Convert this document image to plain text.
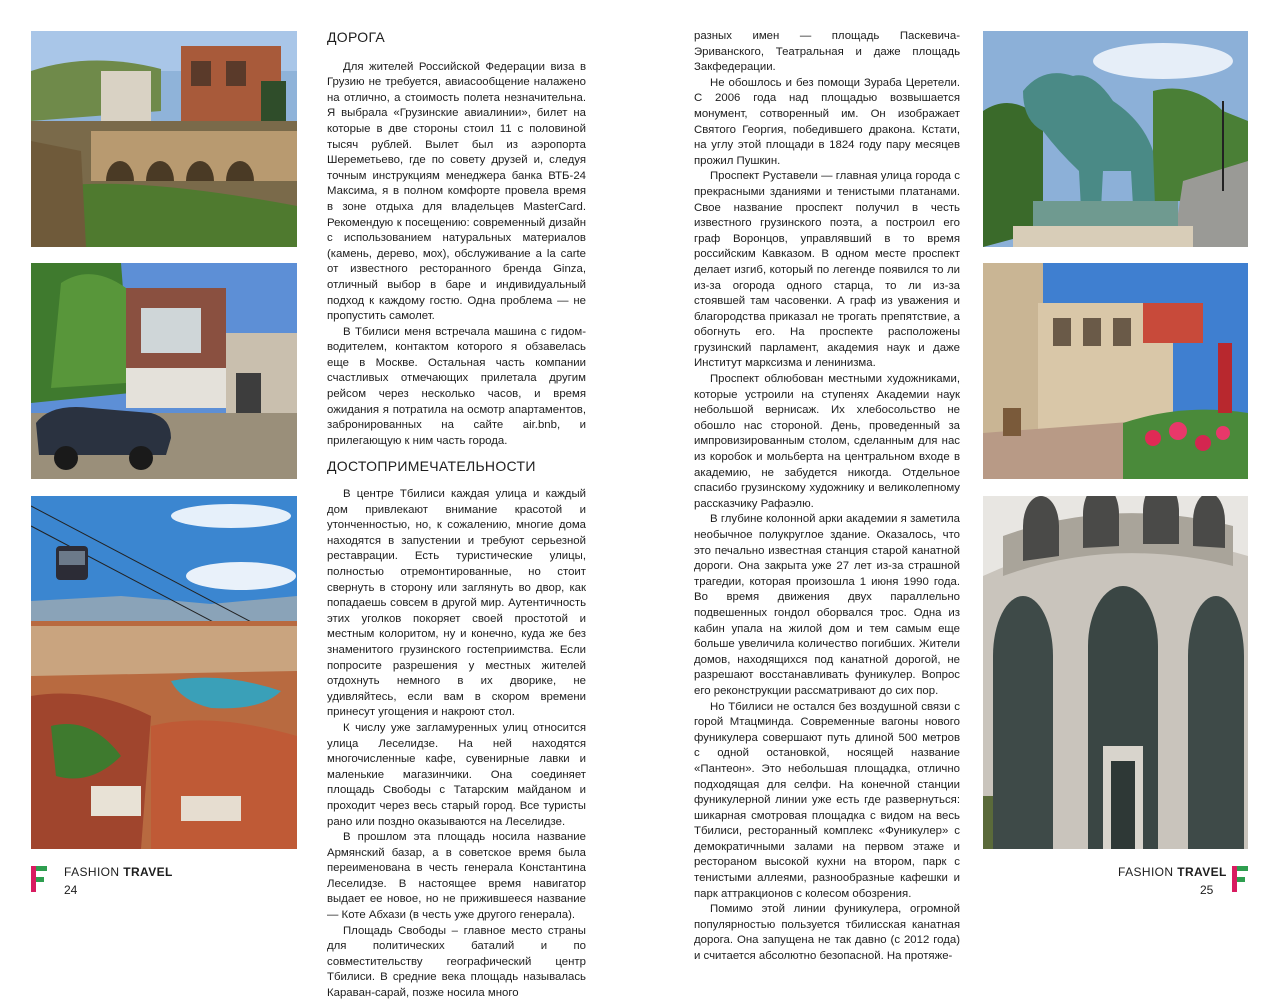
ДОРОГА

Для жителей Российской Федерации виза в Грузию не требуется, авиасообщение налажено на отлично, а стоимость полета незначительна. Я выбрала «Грузинские авиалинии», билет на которые в две стороны стоил 11 с половиной тысяч рублей. Вылет был из аэропорта Шереметьево, где по совету друзей и, следуя точным инструкциям менеджера банка ВТБ-24 Максима, я в полном комфорте провела время в зоне отдыха для владельцев MasterCard. Рекомендую к посещению: современный дизайн с использованием натуральных материалов (камень, дерево, мох), обслуживание a la carte от известного ресторанного бренда Ginza, отличный выбор в баре и индивидуальный подход к каждому гостю. Одна проблема — не пропустить самолет.

В Тбилиси меня встречала машина с гидом-водителем, контактом которого я обзавелась еще в Москве. Остальная часть компании счастливых отмечающих прилетала другим рейсом через несколько часов, и время ожидания я потратила на осмотр апартаментов, забронированных на сайте air.bnb, и прилегающую к ним часть города.

ДОСТОПРИМЕЧАТЕЛЬНОСТИ

В центре Тбилиси каждая улица и каждый дом привлекают внимание красотой и утонченностью, но, к сожалению, многие дома находятся в запустении и требуют серьезной реставрации. Есть туристические улицы, полностью отремонтированные, но стоит свернуть в сторону или заглянуть во двор, как попадаешь совсем в другой мир. Аутентичность этих уголков покоряет своей простотой и местным колоритом, ну и конечно, куда же без знаменитого грузинского гостеприимства. Если попросите разрешения у местных жителей отдохнуть немного в их дворике, не удивляйтесь, если вам в скором времени принесут угощения и накроют стол.

К числу уже загламуренных улиц относится улица Леселидзе. На ней находятся многочисленные кафе, сувенирные лавки и маленькие магазинчики. Она соединяет площадь Свободы с Татарским майданом и проходит через весь старый город. Все туристы рано или поздно оказываются на Леселидзе.

В прошлом эта площадь носила название Армянский базар, а в советское время была переименована в честь генерала Константина Леселидзе. В настоящее время навигатор выдает ее новое, но не прижившееся название — Коте Абхази (в честь уже другого генерала).

Площадь Свободы – главное место страны для политических баталий и по совместительству географический центр Тбилиси. В средние века площадь называлась Караван-сарай, позже носила много

FASHION TRAVEL
24

разных имен — площадь Паскевича-Эриванского, Театральная и даже площадь Закфедерации.

Не обошлось и без помощи Зураба Церетели. С 2006 года над площадью возвышается монумент, сотворенный им. Он изображает Святого Георгия, победившего дракона. Кстати, на углу этой площади в 1824 году пару месяцев прожил Пушкин.

Проспект Руставели — главная улица города с прекрасными зданиями и тенистыми платанами. Свое название проспект получил в честь известного грузинского поэта, а построил его граф Воронцов, управлявший в то время российским Кавказом. В одном месте проспект делает изгиб, который по легенде появился то ли из-за огорода одного старца, то ли из-за стоявшей там часовенки. А граф из уважения и благородства приказал не трогать препятствие, а обогнуть его. На проспекте расположены грузинский парламент, академия наук и даже Институт марксизма и ленинизма.

Проспект облюбован местными художниками, которые устроили на ступенях Академии наук небольшой вернисаж. Их хлебосольство не обошло нас стороной. День, проведенный за импровизированным столом, сделанным для нас из коробок и мольберта на центральном входе в академию, не забудется никогда. Отдельное спасибо грузинскому художнику и великолепному рассказчику Рафаэлю.

В глубине колонной арки академии я заметила необычное полукруглое здание. Оказалось, что это печально известная станция старой канатной дороги. Она закрыта уже 27 лет из-за страшной трагедии, которая произошла 1 июня 1990 года. Во время движения двух параллельно подвешенных гондол оборвался трос. Одна из кабин упала на жилой дом и тем самым еще больше увеличила количество погибших. Жители домов, находящихся под канатной дорогой, не разрешают восстанавливать фуникулер. Вопрос его реконструкции рассматривают до сих пор.

Но Тбилиси не остался без воздушной связи с горой Мтацминда. Современные вагоны нового фуникулера совершают путь длиной 500 метров с одной остановкой, носящей название «Пантеон». Это небольшая площадка, отлично подходящая для селфи. На конечной станции фуникулерной линии уже есть где развернуться: шикарная смотровая площадка с видом на весь Тбилиси, ресторанный комплекс «Фуникулер» с демократичными залами на первом этаже и рестораном высокой кухни на втором, парк с тенистыми аллеями, разнообразные кафешки и парк аттракционов с колесом обозрения.

Помимо этой линии фуникулера, огромной популярностью пользуется тбилисская канатная дорога. Она запущена не так давно (с 2012 года) и считается абсолютно безопасной. На протяже-

FASHION TRAVEL
25
